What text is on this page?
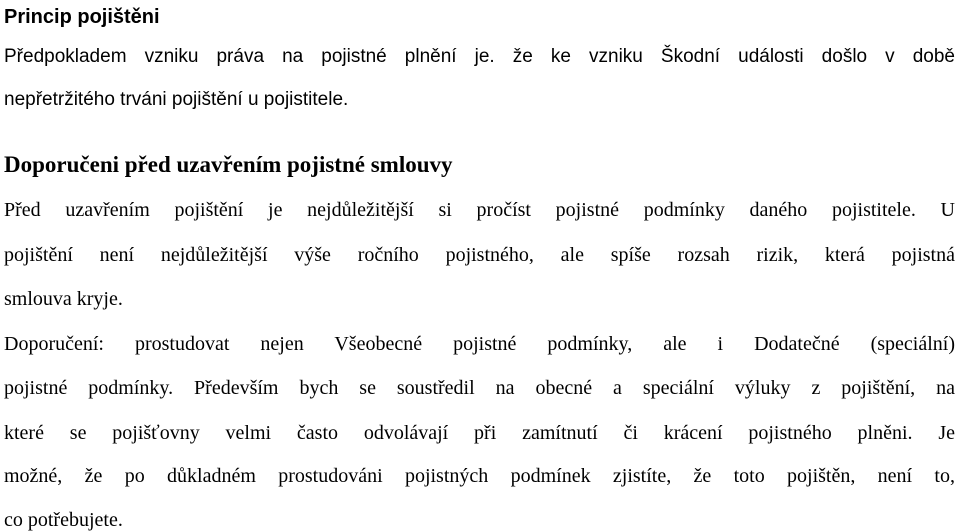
Princip pojištěni
Předpokladem vzniku práva na pojistné plnění je. že ke vzniku Škodní události došlo v době
nepřetržitého trváni pojištění u pojistitele.
Doporučeni před uzavřením pojistné smlouvy
Před uzavřením pojištění je nejdůležitější si pročíst pojistné podmínky daného pojistitele. U
pojištění není nejdůležitější výše ročního pojistného, ale spíše rozsah rizik, která pojistná
smlouva kryje.
Doporučení: prostudovat nejen Všeobecné pojistné podmínky, ale i Dodatečné (speciální)
pojistné podmínky. Především bych se soustředil na obecné a speciální výluky z pojištění, na
které se pojišťovny velmi často odvolávají při zamítnutí či krácení pojistného plněni. Je
možné, že po důkladném prostudováni pojistných podmínek zjistíte, že toto pojištěn, není to,
co potřebujete.
